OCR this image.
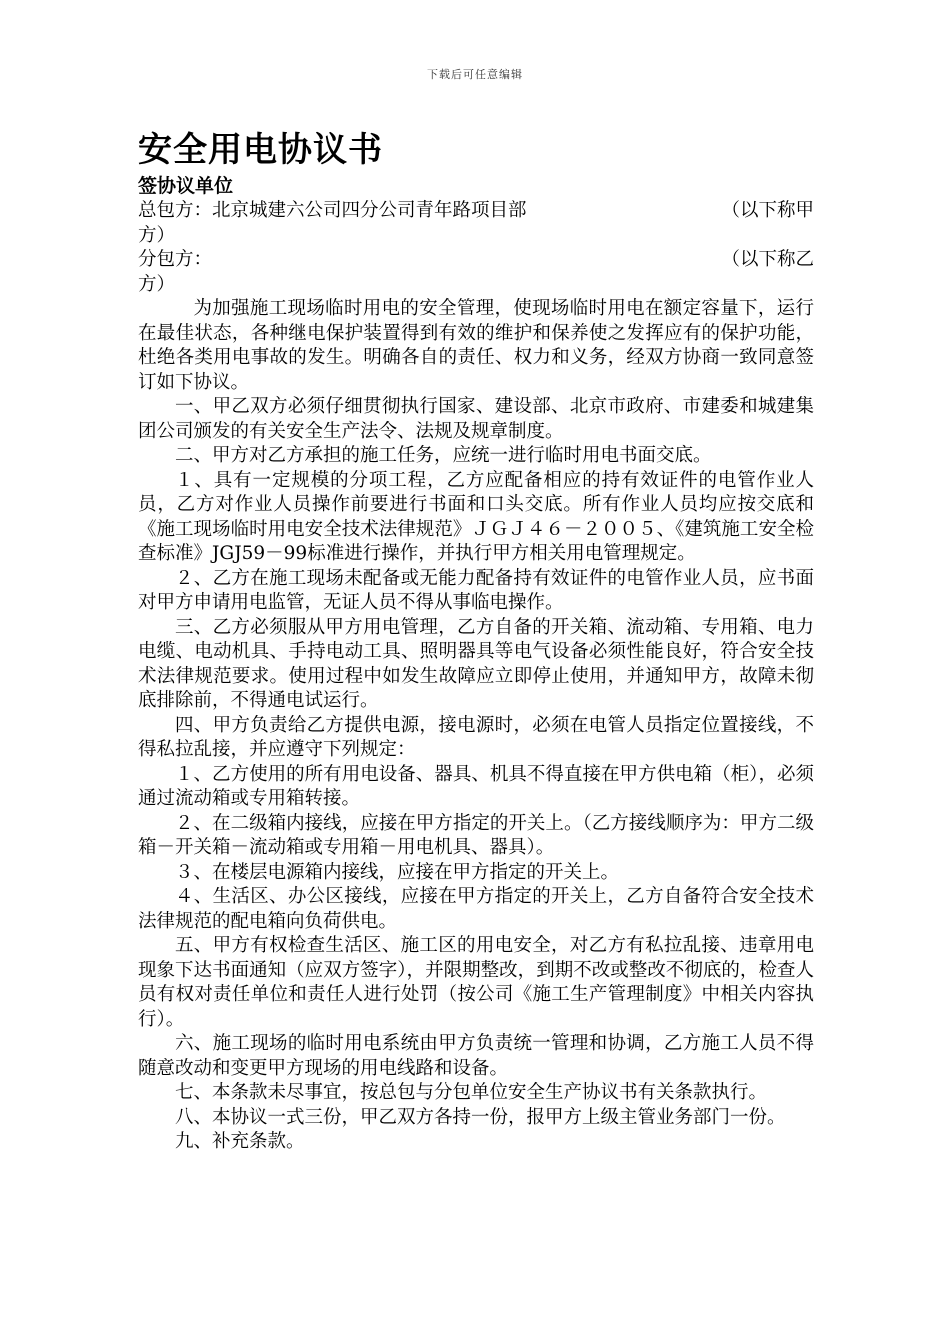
下载后可任意编辑
安全用电协议书
签协议单位
总包方：北京城建六公司四分公司青年路项目部	（以下称甲
方）
分包方：	（以下称乙
方）

为加强施工现场临时用电的安全管理，使现场临时用电在额定容量下，运行在最佳状态，各种继电保护装置得到有效的维护和保养使之发挥应有的保护功能，杜绝各类用电事故的发生。明确各自的责任、权力和义务，经双方协商一致同意签订如下协议。

一、甲乙双方必须仔细贯彻执行国家、建设部、北京市政府、市建委和城建集团公司颁发的有关安全生产法令、法规及规章制度。

二、甲方对乙方承担的施工任务，应统一进行临时用电书面交底。

１、具有一定规模的分项工程，乙方应配备相应的持有效证件的电管作业人员，乙方对作业人员操作前要进行书面和口头交底。所有作业人员均应按交底和《施工现场临时用电安全技术法律规范》ＪＧＪ４６－２００５、《建筑施工安全检查标准》JGJ59－99标准进行操作，并执行甲方相关用电管理规定。

２、乙方在施工现场未配备或无能力配备持有效证件的电管作业人员，应书面对甲方申请用电监管，无证人员不得从事临电操作。

三、乙方必须服从甲方用电管理，乙方自备的开关箱、流动箱、专用箱、电力电缆、电动机具、手持电动工具、照明器具等电气设备必须性能良好，符合安全技术法律规范要求。使用过程中如发生故障应立即停止使用，并通知甲方，故障未彻底排除前，不得通电试运行。

四、甲方负责给乙方提供电源，接电源时，必须在电管人员指定位置接线，不得私拉乱接，并应遵守下列规定：

１、乙方使用的所有用电设备、器具、机具不得直接在甲方供电箱（柜），必须通过流动箱或专用箱转接。

２、在二级箱内接线，应接在甲方指定的开关上。（乙方接线顺序为：甲方二级箱－开关箱－流动箱或专用箱－用电机具、器具）。

３、在楼层电源箱内接线，应接在甲方指定的开关上。

４、生活区、办公区接线，应接在甲方指定的开关上，乙方自备符合安全技术法律规范的配电箱向负荷供电。

五、甲方有权检查生活区、施工区的用电安全，对乙方有私拉乱接、违章用电现象下达书面通知（应双方签字），并限期整改，到期不改或整改不彻底的，检查人员有权对责任单位和责任人进行处罚（按公司《施工生产管理制度》中相关内容执行）。

六、施工现场的临时用电系统由甲方负责统一管理和协调，乙方施工人员不得随意改动和变更甲方现场的用电线路和设备。

七、本条款未尽事宜，按总包与分包单位安全生产协议书有关条款执行。

八、本协议一式三份，甲乙双方各持一份，报甲方上级主管业务部门一份。

九、补充条款。
